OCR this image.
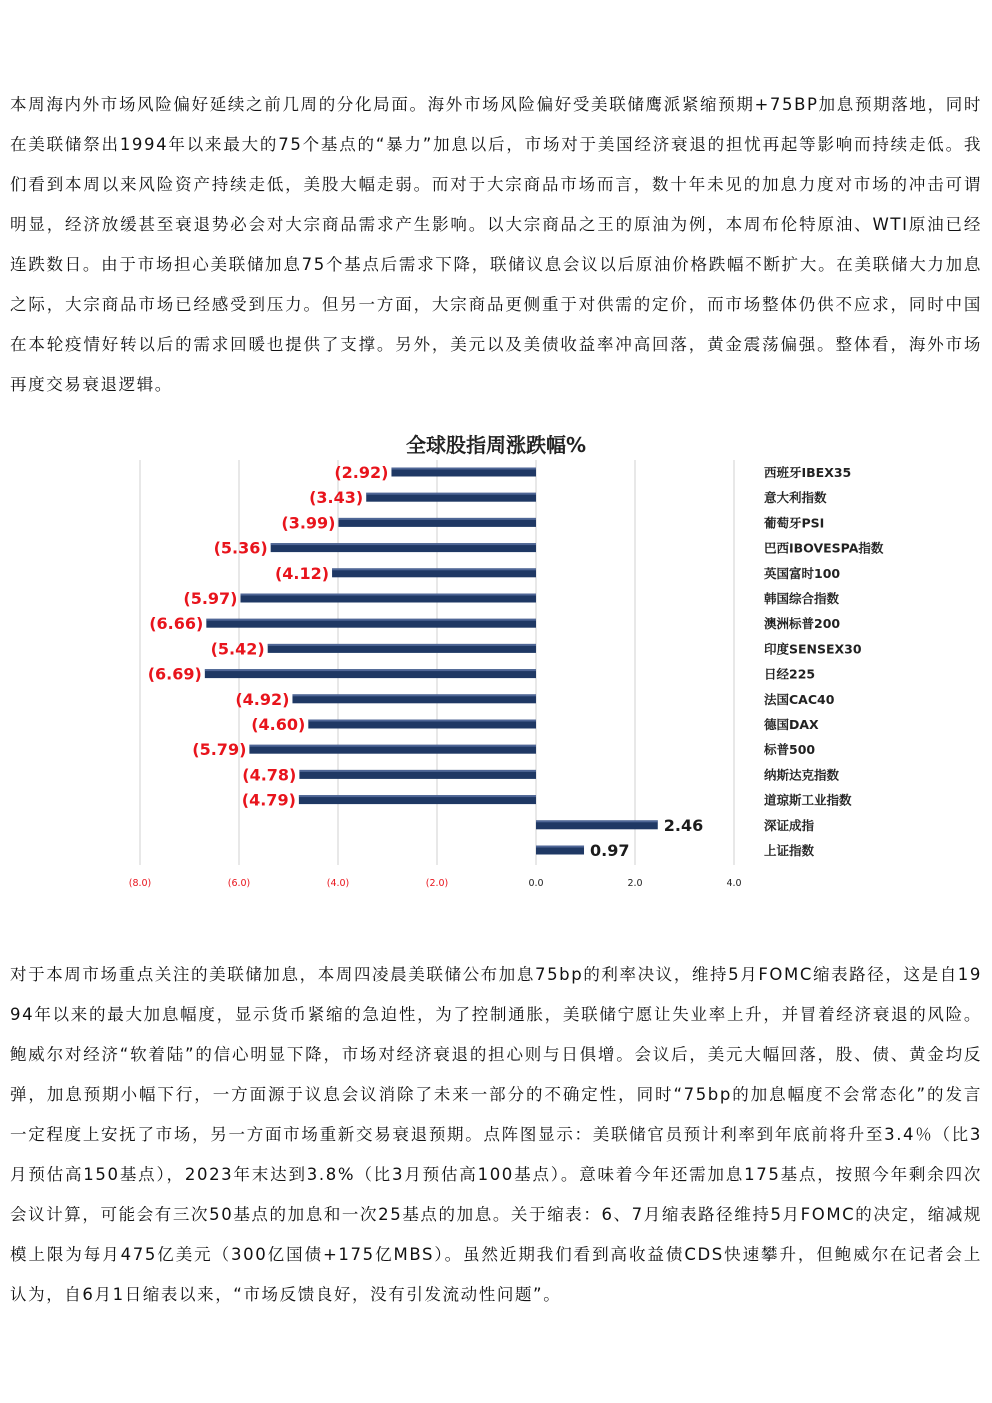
本周海内外市场风险偏好延续之前几周的分化局面。海外市场风险偏好受美联储鹰派紧缩预期+75BP加息预期落地，同时在美联储祭出1994年以来最大的75个基点的“暴力”加息以后，市场对于美国经济衰退的担忧再起等影响而持续走低。我们看到本周以来风险资产持续走低，美股大幅走弱。而对于大宗商品市场而言，数十年未见的加息力度对市场的冲击可谓明显，经济放缓甚至衰退势必会对大宗商品需求产生影响。以大宗商品之王的原油为例，本周布伦特原油、WTI原油已经连跌数日。由于市场担心美联储加息75个基点后需求下降，联储议息会议以后原油价格跌幅不断扩大。在美联储大力加息之际，大宗商品市场已经感受到压力。但另一方面，大宗商品更侧重于对供需的定价，而市场整体仍供不应求，同时中国在本轮疫情好转以后的需求回暖也提供了支撑。另外，美元以及美债收益率冲高回落，黄金震荡偏强。整体看，海外市场再度交易衰退逻辑。

全球股指周涨跌幅%
(2.92)
(3.43)
(3.99)
(5.36)
(4.12)
(5.97)
(6.66)
(5.42)
(6.69)
(4.92)
(4.60)
(5.79)
(4.78)
(4.79)
2.46
0.97
西班牙IBEX35
意大利指数
葡萄牙PSI
巴西IBOVESPA指数
英国富时100
韩国综合指数
澳洲标普200
印度SENSEX30
日经225
法国CAC40
德国DAX
标普500
纳斯达克指数
道琼斯工业指数
深证成指
上证指数
(8.0)	(6.0)	(4.0)	(2.0)	0.0	2.0	4.0

对于本周市场重点关注的美联储加息，本周四凌晨美联储公布加息75bp的利率决议，维持5月FOMC缩表路径，这是自1994年以来的最大加息幅度，显示货币紧缩的急迫性，为了控制通胀，美联储宁愿让失业率上升，并冒着经济衰退的风险。鲍威尔对经济“软着陆”的信心明显下降，市场对经济衰退的担心则与日俱增。会议后，美元大幅回落，股、债、黄金均反弹，加息预期小幅下行，一方面源于议息会议消除了未来一部分的不确定性，同时“75bp的加息幅度不会常态化”的发言一定程度上安抚了市场，另一方面市场重新交易衰退预期。点阵图显示：美联储官员预计利率到年底前将升至3.4％（比3月预估高150基点），2023年末达到3.8%（比3月预估高100基点）。意味着今年还需加息175基点，按照今年剩余四次会议计算，可能会有三次50基点的加息和一次25基点的加息。关于缩表：6、7月缩表路径维持5月FOMC的决定，缩减规模上限为每月475亿美元（300亿国债+175亿MBS）。虽然近期我们看到高收益债CDS快速攀升，但鲍威尔在记者会上认为，自6月1日缩表以来，“市场反馈良好，没有引发流动性问题”。
